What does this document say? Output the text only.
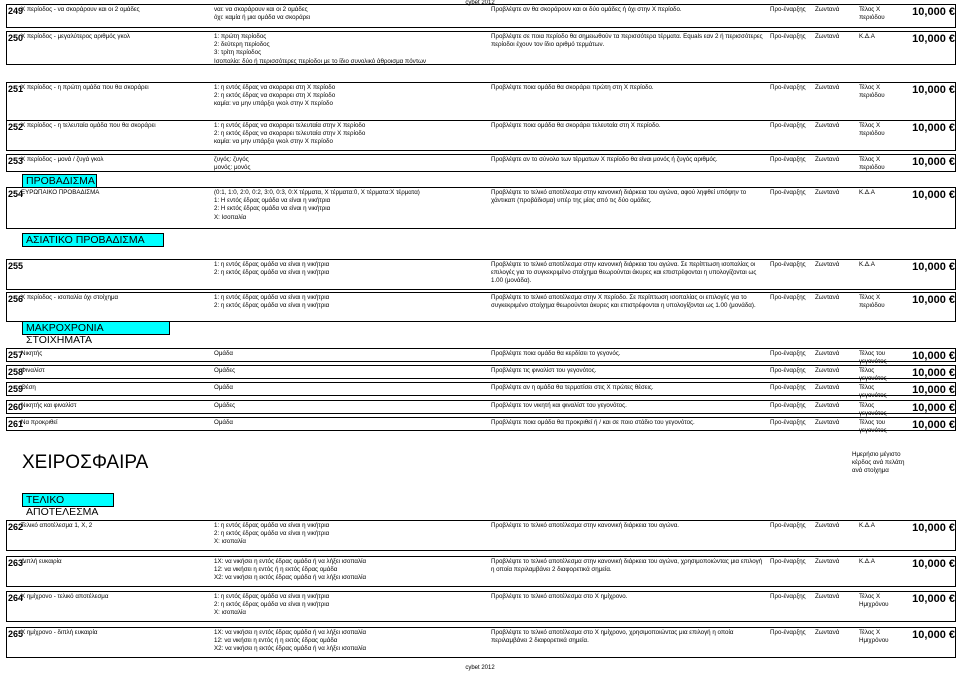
cybet 2012
249
Χ περίοδος - να σκοράρουν και οι 2 ομάδες	ναι: να σκοράρουν και οι 2 ομάδες
όχι: καμία ή μια ομάδα να σκοράρει
Προβλέψτε αν θα σκοράρουν και οι δύο ομάδες ή όχι στην Χ περίοδο.	Προ-έναρξης	Ζωντανά	Τέλος Χ περιόδου	10,000 €
250
Χ περίοδος - μεγαλύτερος αριθμός γκολ	1: πρώτη περίοδος
2: δεύτερη περίοδος
3: τρίτη περίοδος
Ισοπαλία: δύο ή περισσότερες περίοδοι με το ίδιο συνολικό άθροισμα πόντων
Προβλέψτε σε ποια περίοδο θα σημειωθούν τα περισσότερα τέρματα. Equals εαν 2 ή περισσότερες περίοδοι έχουν τον ίδιο αριθμό τερμάτων.
Προ-έναρξης	Ζωντανά	Κ.Δ.Α	10,000 €
251
Χ περίοδος - η πρώτη ομάδα που θα σκοράρει	1: η εντός έδρας να σκοραρει στη Χ περίοδο
2: η εκτός έδρας να σκοραρει στη Χ περίοδο
καμία: να μην υπάρξει γκολ στην Χ περίοδο
Προβλέψτε ποια ομάδα θα σκοράρει πρώτη στη Χ περίοδο.	Προ-έναρξης	Ζωντανά	Τέλος Χ περιόδου	10,000 €
252
Χ περίοδος - η τελευταία ομάδα που θα σκοράρει	1: η εντός έδρας να σκοραρει τελευταία στην Χ περίοδο
2: η εκτός έδρας να σκοραρει τελευταία στην Χ περίοδο
καμία: να μην υπάρξει γκολ στην Χ περίοδο
Προβλέψτε ποια ομάδα θα σκοράρει τελευταία στη Χ περίοδο.	Προ-έναρξης	Ζωντανά	Τέλος Χ περιόδου	10,000 €
253
Χ περίοδος - μονά / ζυγά γκολ	ζυγός: ζυγός
μονός: μονός
Προβλέψτε αν το σύνολο των τέρματων Χ περίοδο θα είναι μονός ή ζυγός αριθμός.	Προ-έναρξης	Ζωντανά	Τέλος Χ περιόδου	10,000 €
254
ΕΥΡΩΠΑΙΚΟ ΠΡΟΒΑΔΙΣΜΑ	(0:1, 1:0, 2:0, 0:2, 3:0, 0:3, 0:Χ τέρματα, Χ τέρματα:0, Χ τέρματα:Χ τέρματα)
1: Η εντός έδρας ομάδα να είναι η νικήτρια
2: Η εκτός έδρας ομάδα να είναι η νικήτρια
Χ: Ισοπαλία
Προβλέψτε το τελικό αποτέλεσμα στην κανονική διάρκεια του αγώνα, αφού ληφθεί υπόψην το χάντικαπ (προβάδισμα) υπέρ της μίας από τις δύο ομάδες.
Προ-έναρξης	Ζωντανά	Κ.Δ.Α	10,000 €
255	1: η εντός έδρας ομάδα να είναι η νικήτρια
2: η εκτός έδρας ομάδα να είναι η νικήτρια
Προβλέψτε το τελικό αποτέλεσμα στην κανονική διάρκεια του αγώνα. Σε περίπτωση ισοπαλίας οι επιλογές για το συγκεκριμένο στοίχημα θεωρούνται άκυρες και επιστρέφονται η υπολογίζονται ως 1.00 (μονάδα).
Προ-έναρξης	Ζωντανά	Κ.Δ.Α	10,000 €
256
Χ περίοδος - ισοπαλία όχι στοίχημα	1: η εντός έδρας ομάδα να είναι η νικήτρια
2: η εκτός έδρας ομάδα να είναι η νικήτρια
Προβλέψτε το τελικό αποτέλεσμα στην Χ περίοδο. Σε περίπτωση ισοπαλίας οι επιλογές για το συγκεκριμένο στοίχημα θεωρούνται άκυρες και επιστρέφονται η υπολογίζονται ως 1.00 (μονάδα).
Προ-έναρξης	Ζωντανά	Τέλος Χ περιόδου	10,000 €
257
Νικητής	Ομάδα	Προβλέψτε ποια ομάδα θα κερδίσει το γεγονός.	Προ-έναρξης	Ζωντανά	Τέλος του γεγονότος	10,000 €
258
Φιναλίστ	Ομάδες	Προβλέψτε τις φιναλίστ του γεγονότος.	Προ-έναρξης	Ζωντανά	Τέλος γεγονότος	10,000 €
259
Θέση	Ομάδα	Προβλέψτε αν η ομάδα θα τερματίσει στις Χ πρώτες θέσεις.	Προ-έναρξης	Ζωντανά	Τέλος γεγονότος	10,000 €
260
Νικητής και φιναλίστ	Ομάδες	Προβλέψτε τον νικητή και φιναλίστ του γεγονότος.	Προ-έναρξης	Ζωντανά	Τέλος γεγονότος	10,000 €
261
Να προκριθεί	Ομάδα	Προβλέψτε ποια ομάδα θα προκριθεί ή / και σε ποιο στάδιο του γεγονότος.	Προ-έναρξης	Ζωντανά	Τέλος του γεγονότος	10,000 €
262
Τελικό αποτέλεσμα 1, Χ, 2	1: η εντός έδρας ομάδα να είναι η νικήτρια
2: η εκτός έδρας ομάδα να είναι η νικήτρια
Χ: ισοπαλία
Προβλέψτε το τελικό αποτέλεσμα στην κανονική διάρκεια του αγώνα.	Προ-έναρξης	Ζωντανά	Κ.Δ.Α	10,000 €
263
Διπλή ευκαιρία	1Χ: να νικήσει η εντός έδρας ομάδα ή να λήξει ισοπαλία
12: να νικήσει η εντός ή η εκτός έδρας ομάδα
Χ2: να νικήσει η εκτός έδρας ομάδα ή να λήξει ισοπαλία
Προβλέψτε το τελικό αποτέλεσμα στην κανονική διάρκεια του αγώνα, χρησιμοποιώντας μια επιλογή η οποία περιλαμβάνει 2 διαφορετικά σημεία.
Προ-έναρξης	Ζωντανά	Κ.Δ.Α	10,000 €
264
Χ ημίχρονο - τελικό αποτέλεσμα	1: η εντός έδρας ομάδα να είναι η νικήτρια
2: η εκτός έδρας ομάδα να είναι η νικήτρια
Χ: ισοπαλία
Προβλέψτε το τελικό αποτέλεσμα στο Χ ημίχρονο.	Προ-έναρξης	Ζωντανά	Τέλος Χ Ημιχρόνου	10,000 €
265
Χ ημίχρονο - διπλή ευκαιρία	1Χ: να νικήσει η εντός έδρας ομάδα ή να λήξει ισοπαλία
12: να νικήσει η εντός ή η εκτός έδρας ομάδα
Χ2: να νικήσει η εκτός έδρας ομάδα ή να λήξει ισοπαλία
Προβλέψτε το τελικό αποτέλεσμα στο Χ ημίχρονο, χρησιμοποιώντας μια επιλογή η οποία περιλαμβάνει 2 διαφορετικά σημεία.
Προ-έναρξης	Ζωντανά	Τέλος Χ Ημιχρόνου	10,000 €
ΠΡΟΒΑΔΙΣΜΑ
ΑΣΙΑΤΙΚΟ ΠΡΟΒΑΔΙΣΜΑ
ΜΑΚΡΟΧΡΟΝΙΑ ΣΤΟΙΧΗΜΑΤΑ
ΧΕΙΡΟΣΦΑΙΡΑ	Ημερήσιο μέγιστο κέρδος ανά πελάτη ανά στοίχημα
ΤΕΛΙΚΟ ΑΠΟΤΕΛΕΣΜΑ
cybet 2012
